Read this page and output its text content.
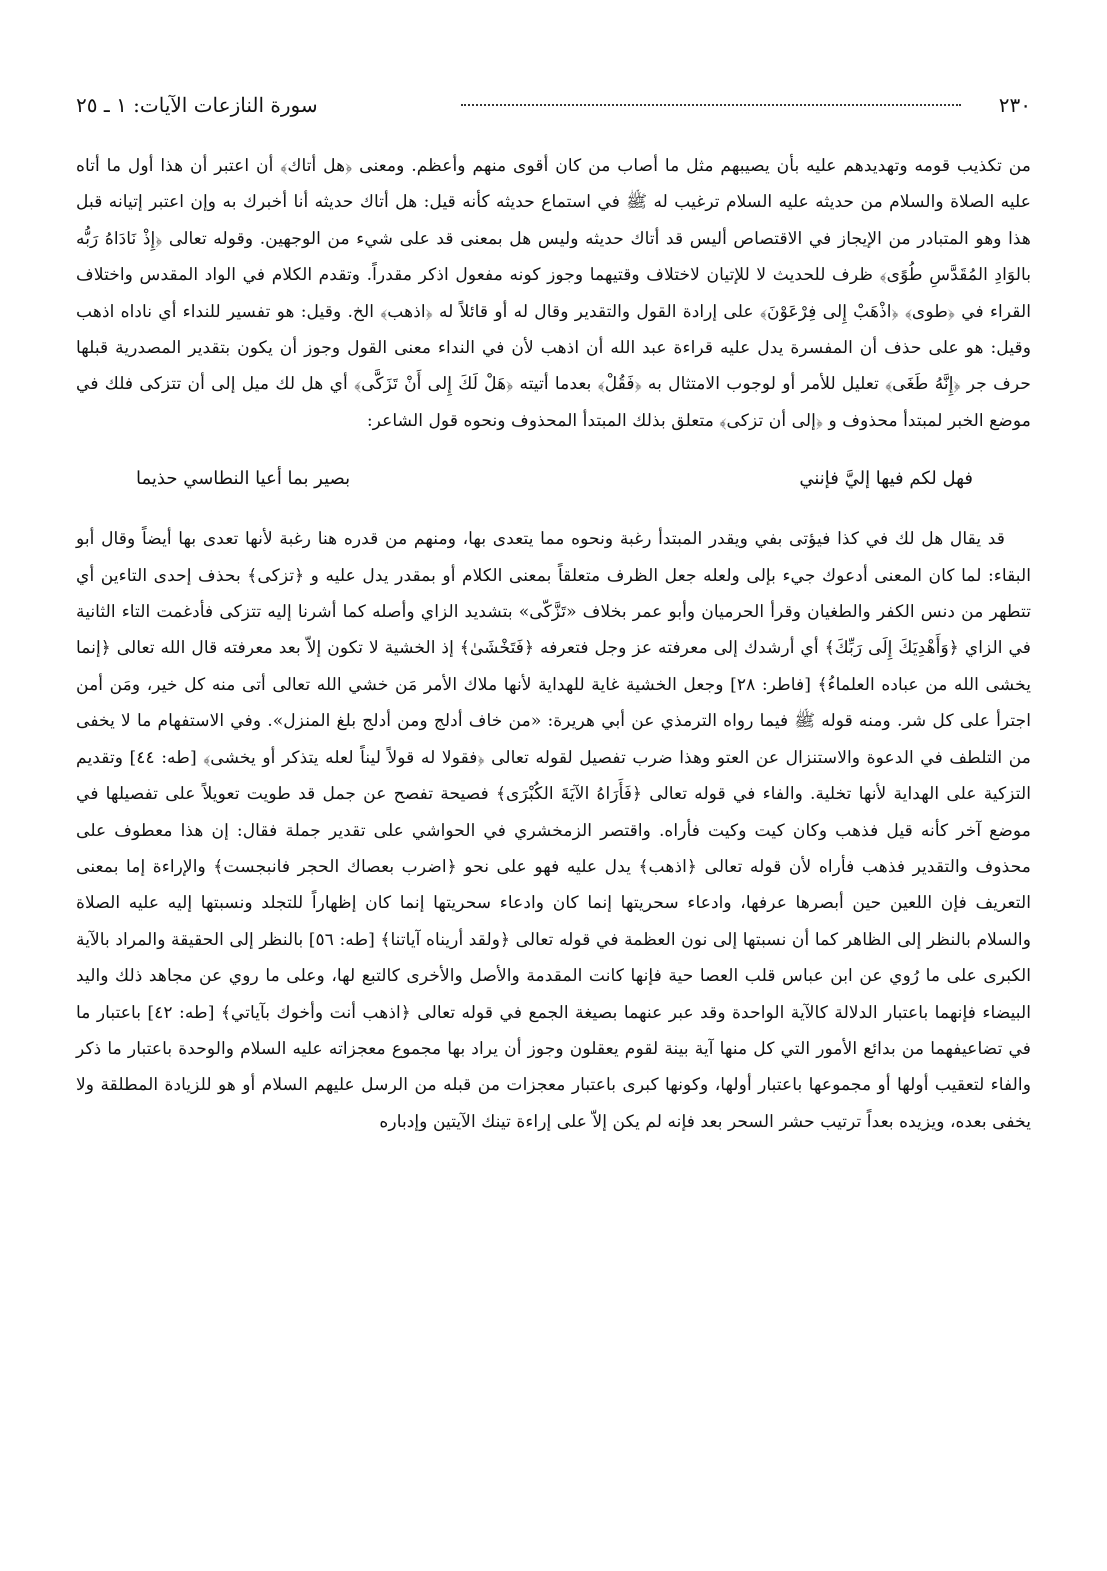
٢٣٠
سورة النازعات الآيات: ١ ـ ٢٥

من تكذيب قومه وتهديدهم عليه بأن يصيبهم مثل ما أصاب من كان أقوى منهم وأعظم. ومعنى ﴿هل أتاك﴾ أن اعتبر أن هذا أول ما أتاه عليه الصلاة والسلام من حديثه عليه السلام ترغيب له ﷺ في استماع حديثه كأنه قيل: هل أتاك حديثه أنا أخبرك به وإن اعتبر إتيانه قبل هذا وهو المتبادر من الإيجاز في الاقتصاص أليس قد أتاك حديثه وليس هل بمعنى قد على شيء من الوجهين. وقوله تعالى ﴿إِذْ نَادَاهُ رَبُّه بالوَادِ المُقَدَّسِ طُوًى﴾ ظرف للحديث لا للإتيان لاختلاف وقتيهما وجوز كونه مفعول اذكر مقدراً. وتقدم الكلام في الواد المقدس واختلاف القراء في ﴿طوى﴾ ﴿اذْهَبْ إِلى فِرْعَوْنَ﴾ على إرادة القول والتقدير وقال له أو قائلاً له ﴿اذهب﴾ الخ. وقيل: هو تفسير للنداء أي ناداه اذهب وقيل: هو على حذف أن المفسرة يدل عليه قراءة عبد الله أن اذهب لأن في النداء معنى القول وجوز أن يكون بتقدير المصدرية قبلها حرف جر ﴿إِنَّهُ طَغَى﴾ تعليل للأمر أو لوجوب الامتثال به ﴿فَقُلْ﴾ بعدما أتيته ﴿هَلْ لَكَ إِلى أَنْ تَزَكَّى﴾ أي هل لك ميل إلى أن تتزكى فلك في موضع الخبر لمبتدأ محذوف و ﴿إلى أن تزكى﴾ متعلق بذلك المبتدأ المحذوف ونحوه قول الشاعر:

فهل لكم فيها إليَّ فإنني
بصير بما أعيا النطاسي حذيما

قد يقال هل لك في كذا فيؤتى بفي ويقدر المبتدأ رغبة ونحوه مما يتعدى بها، ومنهم من قدره هنا رغبة لأنها تعدى بها أيضاً وقال أبو البقاء: لما كان المعنى أدعوك جيء بإلى ولعله جعل الظرف متعلقاً بمعنى الكلام أو بمقدر يدل عليه و ﴿تزكى﴾ بحذف إحدى التاءين أي تتطهر من دنس الكفر والطغيان وقرأ الحرميان وأبو عمر بخلاف «تَزَّكّى» بتشديد الزاي وأصله كما أشرنا إليه تتزكى فأدغمت التاء الثانية في الزاي ﴿وَأَهْدِيَكَ إِلَى رَبِّكَ﴾ أي أرشدك إلى معرفته عز وجل فتعرفه ﴿فَتَخْشَىٰ﴾ إذ الخشية لا تكون إلاّ بعد معرفته قال الله تعالى ﴿إنما يخشى الله من عباده العلماءُ﴾ [فاطر: ٢٨] وجعل الخشية غاية للهداية لأنها ملاك الأمر مَن خشي الله تعالى أتى منه كل خير، ومَن أمن اجترأ على كل شر. ومنه قوله ﷺ فيما رواه الترمذي عن أبي هريرة: «من خاف أدلج ومن أدلج بلغ المنزل». وفي الاستفهام ما لا يخفى من التلطف في الدعوة والاستنزال عن العتو وهذا ضرب تفصيل لقوله تعالى ﴿فقولا له قولاً ليناً لعله يتذكر أو يخشى﴾ [طه: ٤٤] وتقديم التزكية على الهداية لأنها تخلية. والفاء في قوله تعالى ﴿فَأَرَاهُ الآيَةَ الكُبْرَى﴾ فصيحة تفصح عن جمل قد طويت تعويلاً على تفصيلها في موضع آخر كأنه قيل فذهب وكان كيت وكيت فأراه. واقتصر الزمخشري في الحواشي على تقدير جملة فقال: إن هذا معطوف على محذوف والتقدير فذهب فأراه لأن قوله تعالى ﴿اذهب﴾ يدل عليه فهو على نحو ﴿اضرب بعصاك الحجر فانبجست﴾ والإراءة إما بمعنى التعريف فإن اللعين حين أبصرها عرفها، وادعاء سحريتها إنما كان وادعاء سحريتها إنما كان إظهاراً للتجلد ونسبتها إليه عليه الصلاة والسلام بالنظر إلى الظاهر كما أن نسبتها إلى نون العظمة في قوله تعالى ﴿ولقد أريناه آياتنا﴾ [طه: ٥٦] بالنظر إلى الحقيقة والمراد بالآية الكبرى على ما رُوي عن ابن عباس قلب العصا حية فإنها كانت المقدمة والأصل والأخرى كالتبع لها، وعلى ما روي عن مجاهد ذلك واليد البيضاء فإنهما باعتبار الدلالة كالآية الواحدة وقد عبر عنهما بصيغة الجمع في قوله تعالى ﴿اذهب أنت وأخوك بآياتي﴾ [طه: ٤٢] باعتبار ما في تضاعيفهما من بدائع الأمور التي كل منها آية بينة لقوم يعقلون وجوز أن يراد بها مجموع معجزاته عليه السلام والوحدة باعتبار ما ذكر والفاء لتعقيب أولها أو مجموعها باعتبار أولها، وكونها كبرى باعتبار معجزات من قبله من الرسل عليهم السلام أو هو للزيادة المطلقة ولا يخفى بعده، ويزيده بعداً ترتيب حشر السحر بعد فإنه لم يكن إلاّ على إراءة تينك الآيتين وإدباره
